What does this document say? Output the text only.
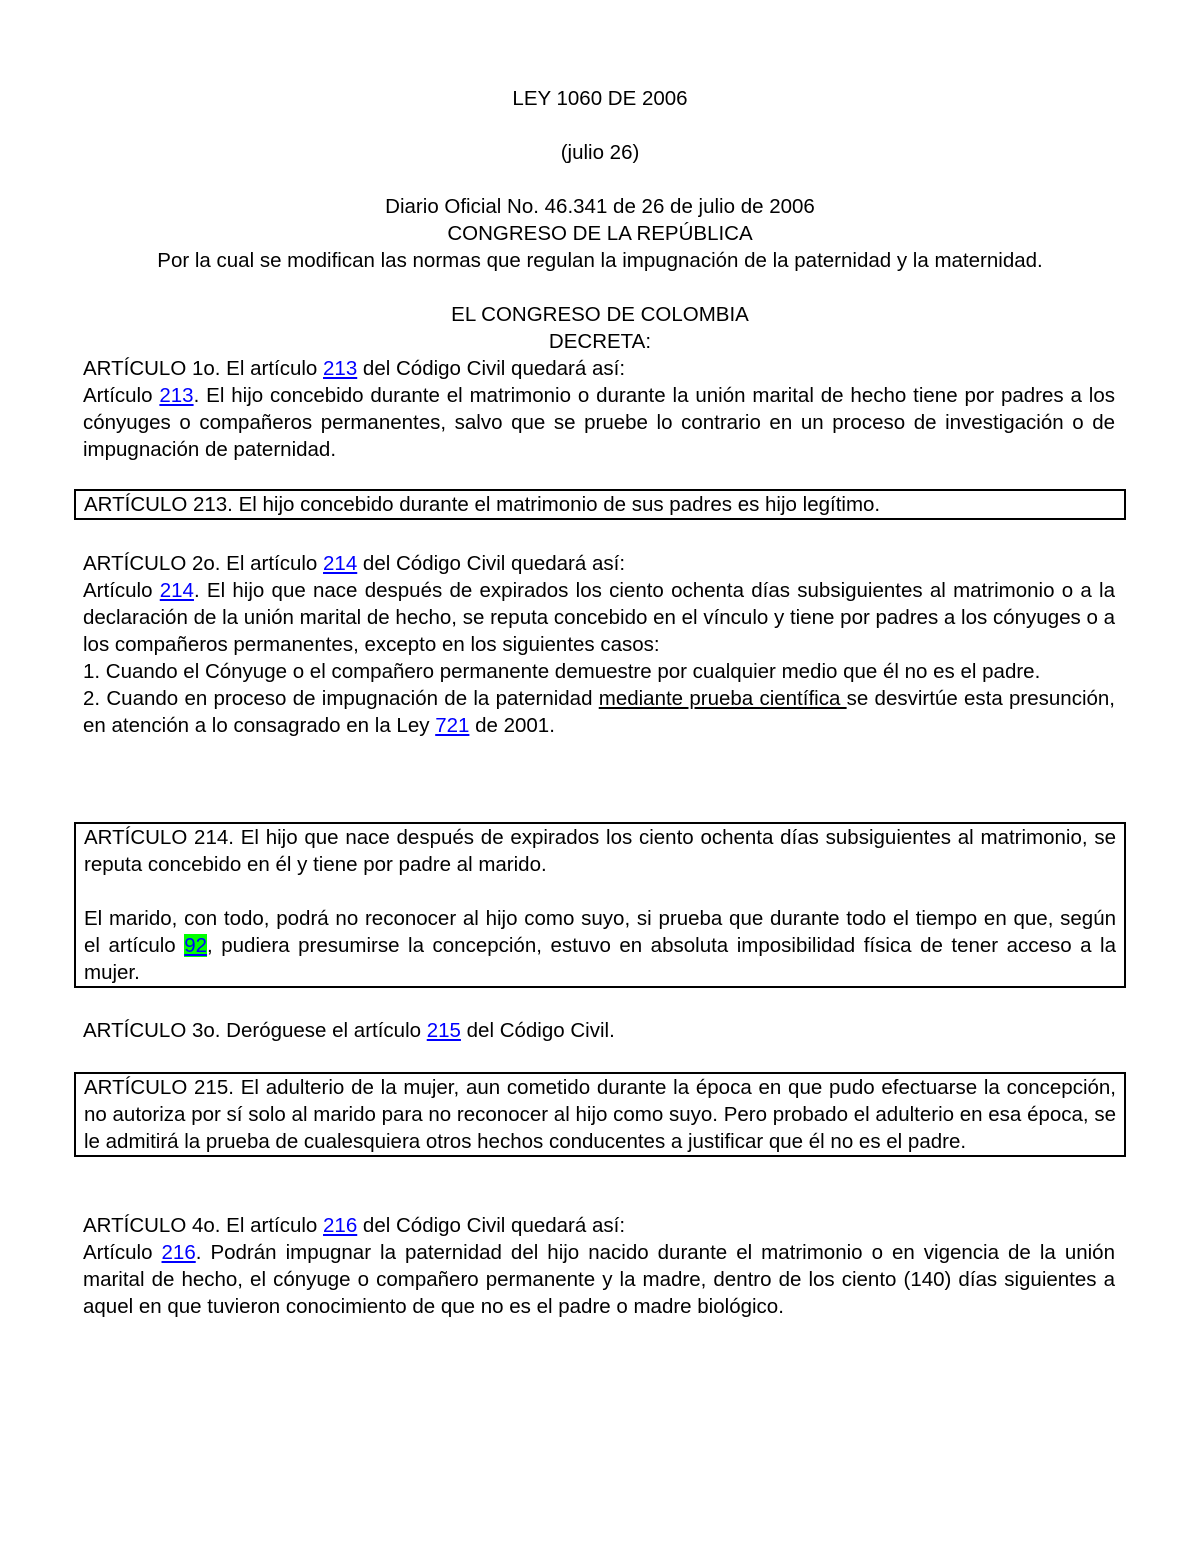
LEY 1060 DE 2006
(julio 26)
Diario Oficial No. 46.341 de 26 de julio de 2006
CONGRESO DE LA REPÚBLICA
Por la cual se modifican las normas que regulan la impugnación de la paternidad y la maternidad.
EL CONGRESO DE COLOMBIA
DECRETA:

ARTÍCULO 1o. El artículo 213 del Código Civil quedará así:

Artículo 213. El hijo concebido durante el matrimonio o durante la unión marital de hecho tiene por padres a los cónyuges o compañeros permanentes, salvo que se pruebe lo contrario en un proceso de investigación o de impugnación de paternidad.

ARTÍCULO 213. El hijo concebido durante el matrimonio de sus padres es hijo legítimo.

ARTÍCULO 2o. El artículo 214 del Código Civil quedará así:

Artículo 214. El hijo que nace después de expirados los ciento ochenta días subsiguientes al matrimonio o a la declaración de la unión marital de hecho, se reputa concebido en el vínculo y tiene por padres a los cónyuges o a los compañeros permanentes, excepto en los siguientes casos:

1. Cuando el Cónyuge o el compañero permanente demuestre por cualquier medio que él no es el padre.

2. Cuando en proceso de impugnación de la paternidad mediante prueba científica se desvirtúe esta presunción, en atención a lo consagrado en la Ley 721 de 2001.

ARTÍCULO 214. El hijo que nace después de expirados los ciento ochenta días subsiguientes al matrimonio, se reputa concebido en él y tiene por padre al marido.

El marido, con todo, podrá no reconocer al hijo como suyo, si prueba que durante todo el tiempo en que, según el artículo 92, pudiera presumirse la concepción, estuvo en absoluta imposibilidad física de tener acceso a la mujer.

ARTÍCULO 3o. Deróguese el artículo 215 del Código Civil.

ARTÍCULO 215. El adulterio de la mujer, aun cometido durante la época en que pudo efectuarse la concepción, no autoriza por sí solo al marido para no reconocer al hijo como suyo. Pero probado el adulterio en esa época, se le admitirá la prueba de cualesquiera otros hechos conducentes a justificar que él no es el padre.

ARTÍCULO 4o. El artículo 216 del Código Civil quedará así:

Artículo 216. Podrán impugnar la paternidad del hijo nacido durante el matrimonio o en vigencia de la unión marital de hecho, el cónyuge o compañero permanente y la madre, dentro de los ciento (140) días siguientes a aquel en que tuvieron conocimiento de que no es el padre o madre biológico.
